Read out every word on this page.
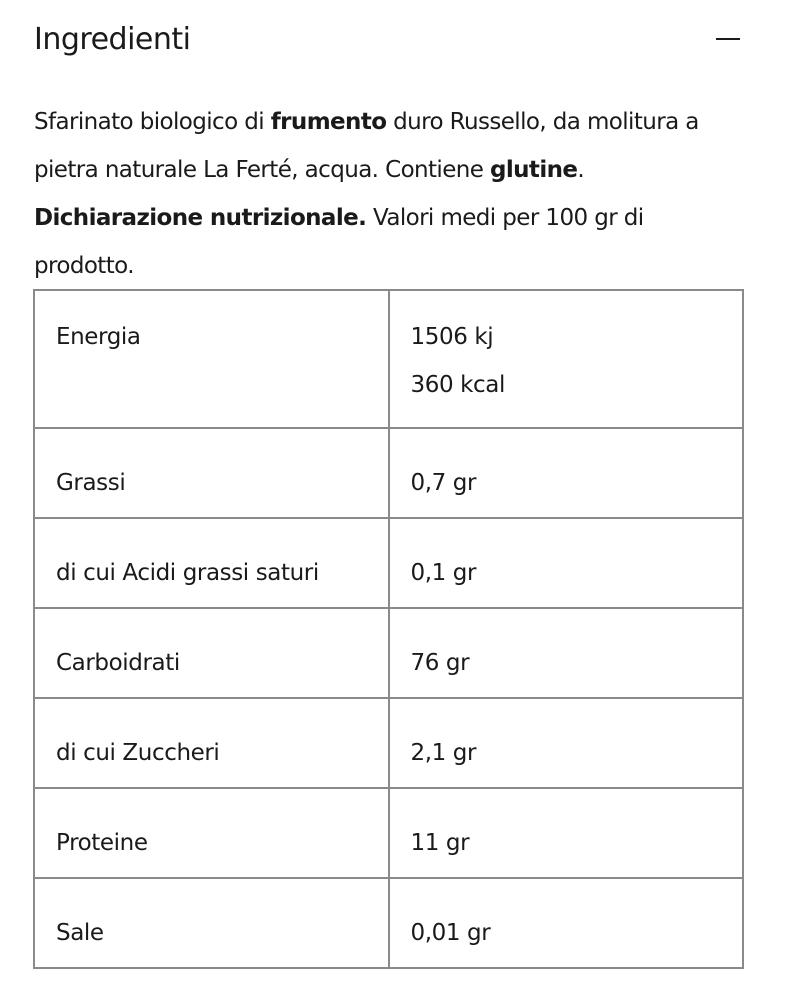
Ingredienti
Sfarinato biologico di frumento duro Russello, da molitura a pietra naturale La Ferté, acqua. Contiene glutine.
Dichiarazione nutrizionale. Valori medi per 100 gr di prodotto.
Energia	1506 kj
360 kcal

Grassi	0,7 gr

di cui Acidi grassi saturi	0,1 gr

Carboidrati	76 gr

di cui Zuccheri	2,1 gr

Proteine	11 gr

Sale	0,01 gr
